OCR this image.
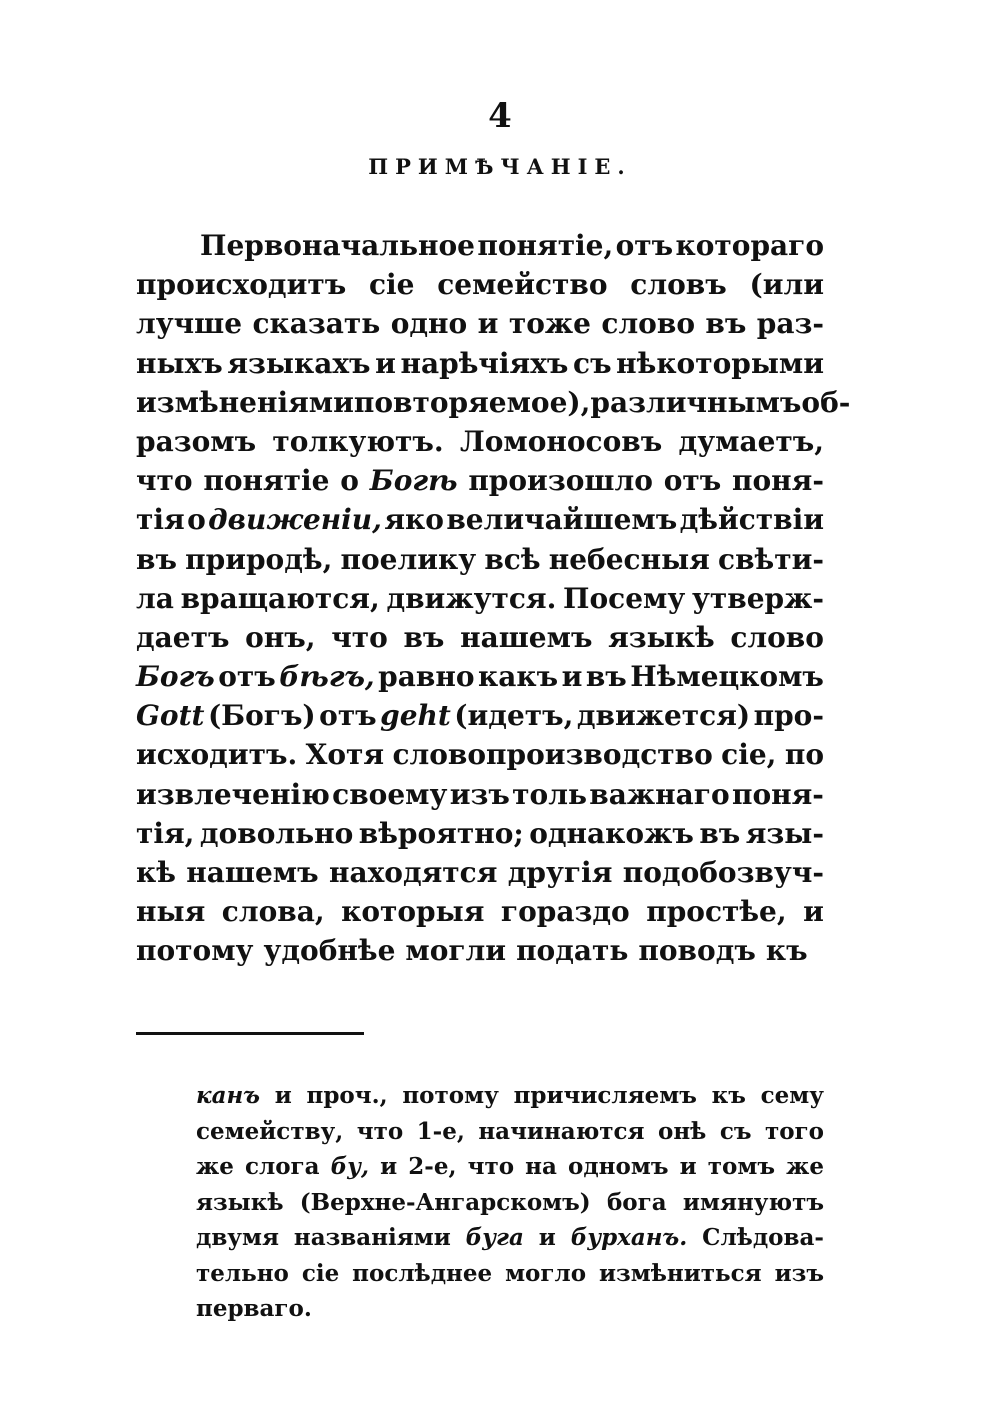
4
ПРИМѢЧАНІЕ.
Первоначальное понятіе, отъ котораго
происходитъ сіе семейство словъ (или
лучше сказать одно и тоже слово въ раз-
ныхъ языкахъ и нарѣчіяхъ съ нѣкоторыми
измѣненіями повторяемое), различнымъ об-
разомъ толкуютъ. Ломоносовъ думаетъ,
что понятіе о Богѣ произошло отъ поня-
тія о движеніи, яко величайшемъ дѣйствіи
въ природѣ, поелику всѣ небесныя свѣти-
ла вращаются, движутся. Посему утверж-
даетъ онъ, что въ нашемъ языкѣ слово
Богъ отъ бѣгъ, равно какъ и въ Нѣмецкомъ
Gott (Богъ) отъ geht (идетъ, движется) про-
исходитъ. Хотя словопроизводство сіе, по
извлеченію своему изъ толь важнаго поня-
тія, довольно вѣроятно; однакожъ въ язы-
кѣ нашемъ находятся другія подобозвуч-
ныя слова, которыя гораздо простѣе, и
потому удобнѣе могли подать поводъ къ
канъ и проч., потому причисляемъ къ сему
семейству, что 1-е, начинаются онѣ съ того
же слога бу, и 2-е, что на одномъ и томъ же
языкѣ (Верхне-Ангарскомъ) бога имянуютъ
двумя названіями буга и бурханъ. Слѣдова-
тельно сіе послѣднее могло измѣниться изъ
перваго.
